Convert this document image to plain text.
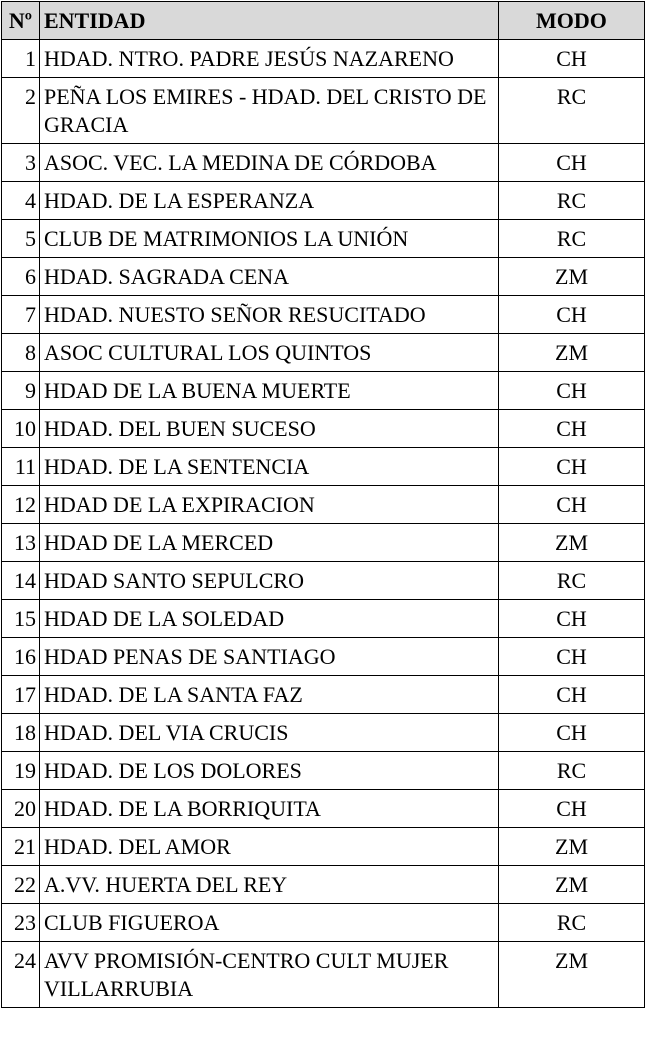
Nº	ENTIDAD	MODO
1	HDAD. NTRO. PADRE JESÚS NAZARENO	CH
2	PEÑA LOS EMIRES - HDAD. DEL CRISTO DE GRACIA	RC
3	ASOC. VEC. LA MEDINA DE CÓRDOBA	CH
4	HDAD. DE LA ESPERANZA	RC
5	CLUB DE MATRIMONIOS LA UNIÓN	RC
6	HDAD. SAGRADA CENA	ZM
7	HDAD. NUESTO SEÑOR RESUCITADO	CH
8	ASOC CULTURAL LOS QUINTOS	ZM
9	HDAD DE LA BUENA MUERTE	CH
10	HDAD. DEL BUEN SUCESO	CH
11	HDAD. DE LA SENTENCIA	CH
12	HDAD DE LA EXPIRACION	CH
13	HDAD DE LA MERCED	ZM
14	HDAD SANTO SEPULCRO	RC
15	HDAD DE LA SOLEDAD	CH
16	HDAD PENAS DE SANTIAGO	CH
17	HDAD. DE LA SANTA FAZ	CH
18	HDAD. DEL VIA CRUCIS	CH
19	HDAD. DE LOS DOLORES	RC
20	HDAD. DE LA BORRIQUITA	CH
21	HDAD. DEL AMOR	ZM
22	A.VV. HUERTA DEL REY	ZM
23	CLUB FIGUEROA	RC
24	AVV PROMISIÓN-CENTRO CULT MUJER VILLARRUBIA	ZM
